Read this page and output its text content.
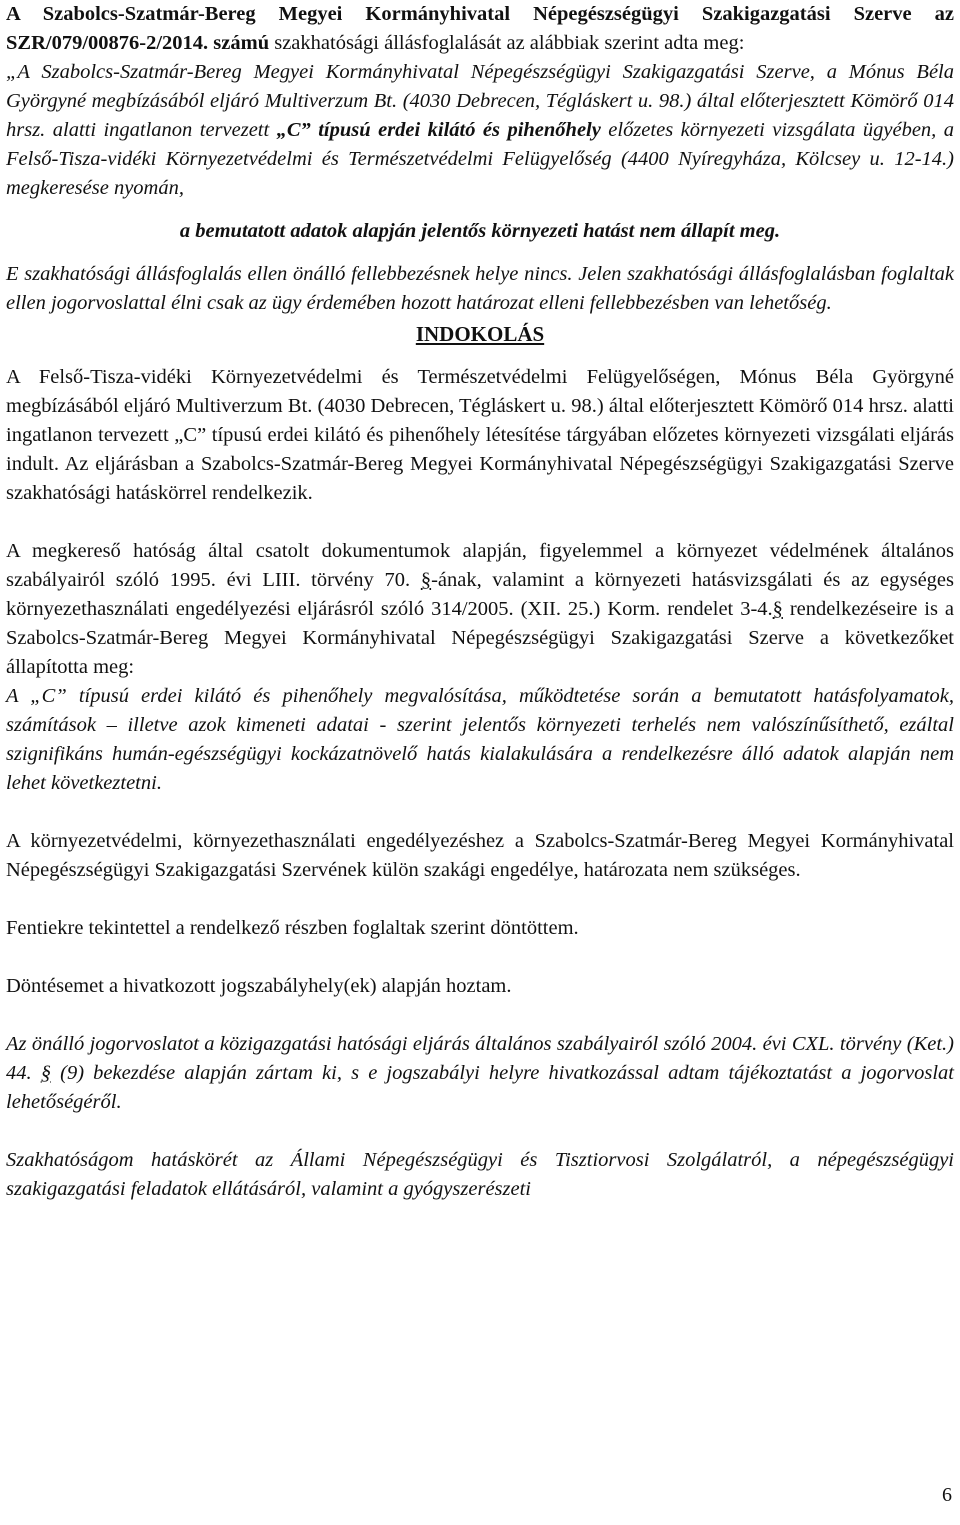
A Szabolcs-Szatmár-Bereg Megyei Kormányhivatal Népegészségügyi Szakigazgatási Szerve az SZR/079/00876-2/2014. számú szakhatósági állásfoglalását az alábbiak szerint adta meg:

„A Szabolcs-Szatmár-Bereg Megyei Kormányhivatal Népegészségügyi Szakigazgatási Szerve, a Mónus Béla Györgyné megbízásából eljáró Multiverzum Bt. (4030 Debrecen, Tégláskert u. 98.) által előterjesztett Kömörő 014 hrsz. alatti ingatlanon tervezett „C” típusú erdei kilátó és pihenőhely előzetes környezeti vizsgálata ügyében, a Felső-Tisza-vidéki Környezetvédelmi és Természetvédelmi Felügyelőség (4400 Nyíregyháza, Kölcsey u. 12-14.) megkeresése nyomán,

a bemutatott adatok alapján jelentős környezeti hatást nem állapít meg.

E szakhatósági állásfoglalás ellen önálló fellebbezésnek helye nincs. Jelen szakhatósági állásfoglalásban foglaltak ellen jogorvoslattal élni csak az ügy érdemében hozott határozat elleni fellebbezésben van lehetőség.

INDOKOLÁS

A Felső-Tisza-vidéki Környezetvédelmi és Természetvédelmi Felügyelőségen, Mónus Béla Györgyné megbízásából eljáró Multiverzum Bt. (4030 Debrecen, Tégláskert u. 98.) által előterjesztett Kömörő 014 hrsz. alatti ingatlanon tervezett „C” típusú erdei kilátó és pihenőhely létesítése tárgyában előzetes környezeti vizsgálati eljárás indult. Az eljárásban a Szabolcs-Szatmár-Bereg Megyei Kormányhivatal Népegészségügyi Szakigazgatási Szerve szakhatósági hatáskörrel rendelkezik.

A megkereső hatóság által csatolt dokumentumok alapján, figyelemmel a környezet védelmének általános szabályairól szóló 1995. évi LIII. törvény 70. §-ának, valamint a környezeti hatásvizsgálati és az egységes környezethasználati engedélyezési eljárásról szóló 314/2005. (XII. 25.) Korm. rendelet 3-4.§ rendelkezéseire is a Szabolcs-Szatmár-Bereg Megyei Kormányhivatal Népegészségügyi Szakigazgatási Szerve a következőket állapította meg:

A „C” típusú erdei kilátó és pihenőhely megvalósítása, működtetése során a bemutatott hatásfolyamatok, számítások – illetve azok kimeneti adatai - szerint jelentős környezeti terhelés nem valószínűsíthető, ezáltal szignifikáns humán-egészségügyi kockázatnövelő hatás kialakulására a rendelkezésre álló adatok alapján nem lehet következtetni.

A környezetvédelmi, környezethasználati engedélyezéshez a Szabolcs-Szatmár-Bereg Megyei Kormányhivatal Népegészségügyi Szakigazgatási Szervének külön szakági engedélye, határozata nem szükséges.

Fentiekre tekintettel a rendelkező részben foglaltak szerint döntöttem.

Döntésemet a hivatkozott jogszabályhely(ek) alapján hoztam.

Az önálló jogorvoslatot a közigazgatási hatósági eljárás általános szabályairól szóló 2004. évi CXL. törvény (Ket.) 44. § (9) bekezdése alapján zártam ki, s e jogszabályi helyre hivatkozással adtam tájékoztatást a jogorvoslat lehetőségéről.

Szakhatóságom hatáskörét az Állami Népegészségügyi és Tisztiorvosi Szolgálatról, a népegészségügyi szakigazgatási feladatok ellátásáról, valamint a gyógyszerészeti

6
